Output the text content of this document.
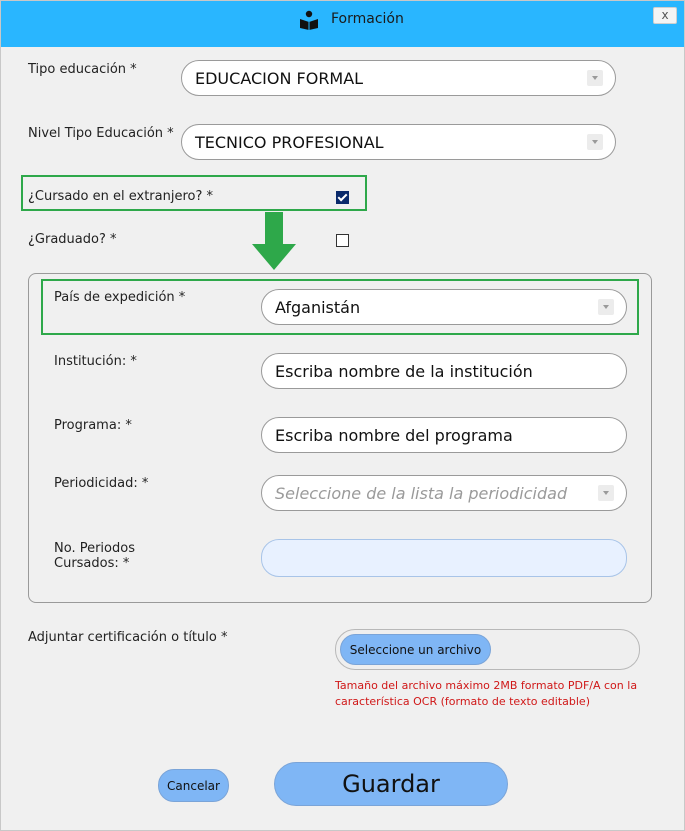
Formación	x
Tipo educación *	EDUCACION FORMAL
Nivel Tipo Educación * TECNICO PROFESIONAL
¿Cursado en el extranjero? *
¿Graduado? *
País de expedición *
Afganistán
Institución: *
Escriba nombre de la institución
Programa: *
Escriba nombre del programa
Periodicidad: *
Seleccione de la lista la periodicidad
No. Periodos
Cursados: *
Adjuntar certificación o título *
Seleccione un archivo
Tamaño del archivo máximo 2MB formato PDF/A con la característica OCR (formato de texto editable)
Cancelar	Guardar
